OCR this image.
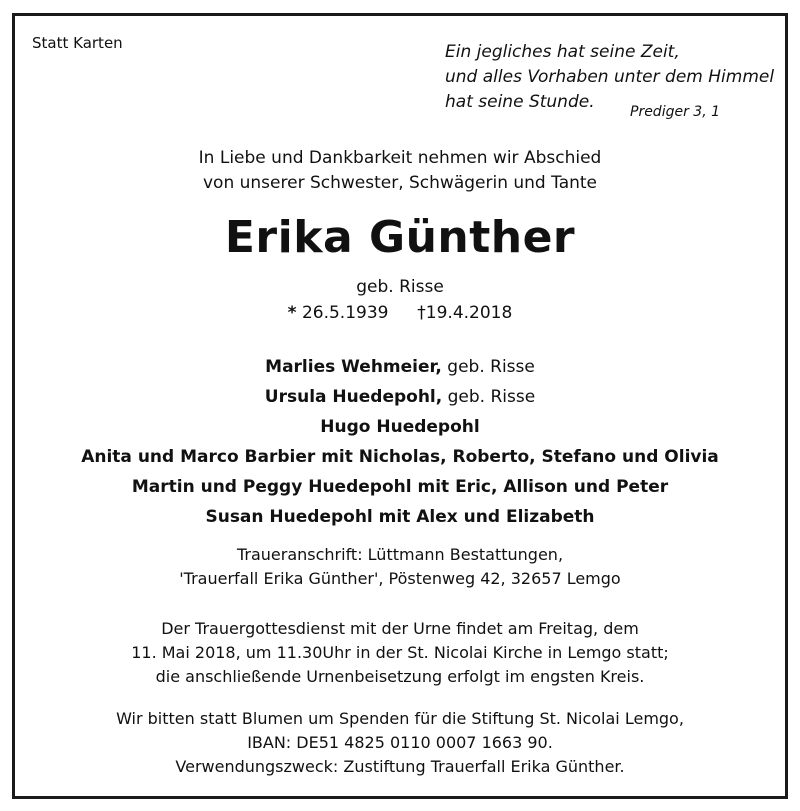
Statt Karten	Ein jegliches hat seine Zeit,
und alles Vorhaben unter dem Himmel
hat seine Stunde.	Prediger 3, 1
In Liebe und Dankbarkeit nehmen wir Abschied
von unserer Schwester, Schwägerin und Tante
Erika Günther
geb. Risse
* 26.5.1939 †19.4.2018
Marlies Wehmeier, geb. Risse
Ursula Huedepohl, geb. Risse
Hugo Huedepohl
Anita und Marco Barbier mit Nicholas, Roberto, Stefano und Olivia
Martin und Peggy Huedepohl mit Eric, Allison und Peter
Susan Huedepohl mit Alex und Elizabeth
Traueranschrift: Lüttmann Bestattungen,
'Trauerfall Erika Günther', Pöstenweg 42, 32657 Lemgo
Der Trauergottesdienst mit der Urne findet am Freitag, dem
11. Mai 2018, um 11.30Uhr in der St. Nicolai Kirche in Lemgo statt;
die anschließende Urnenbeisetzung erfolgt im engsten Kreis.
Wir bitten statt Blumen um Spenden für die Stiftung St. Nicolai Lemgo,
IBAN: DE51 4825 0110 0007 1663 90.
Verwendungszweck: Zustiftung Trauerfall Erika Günther.
